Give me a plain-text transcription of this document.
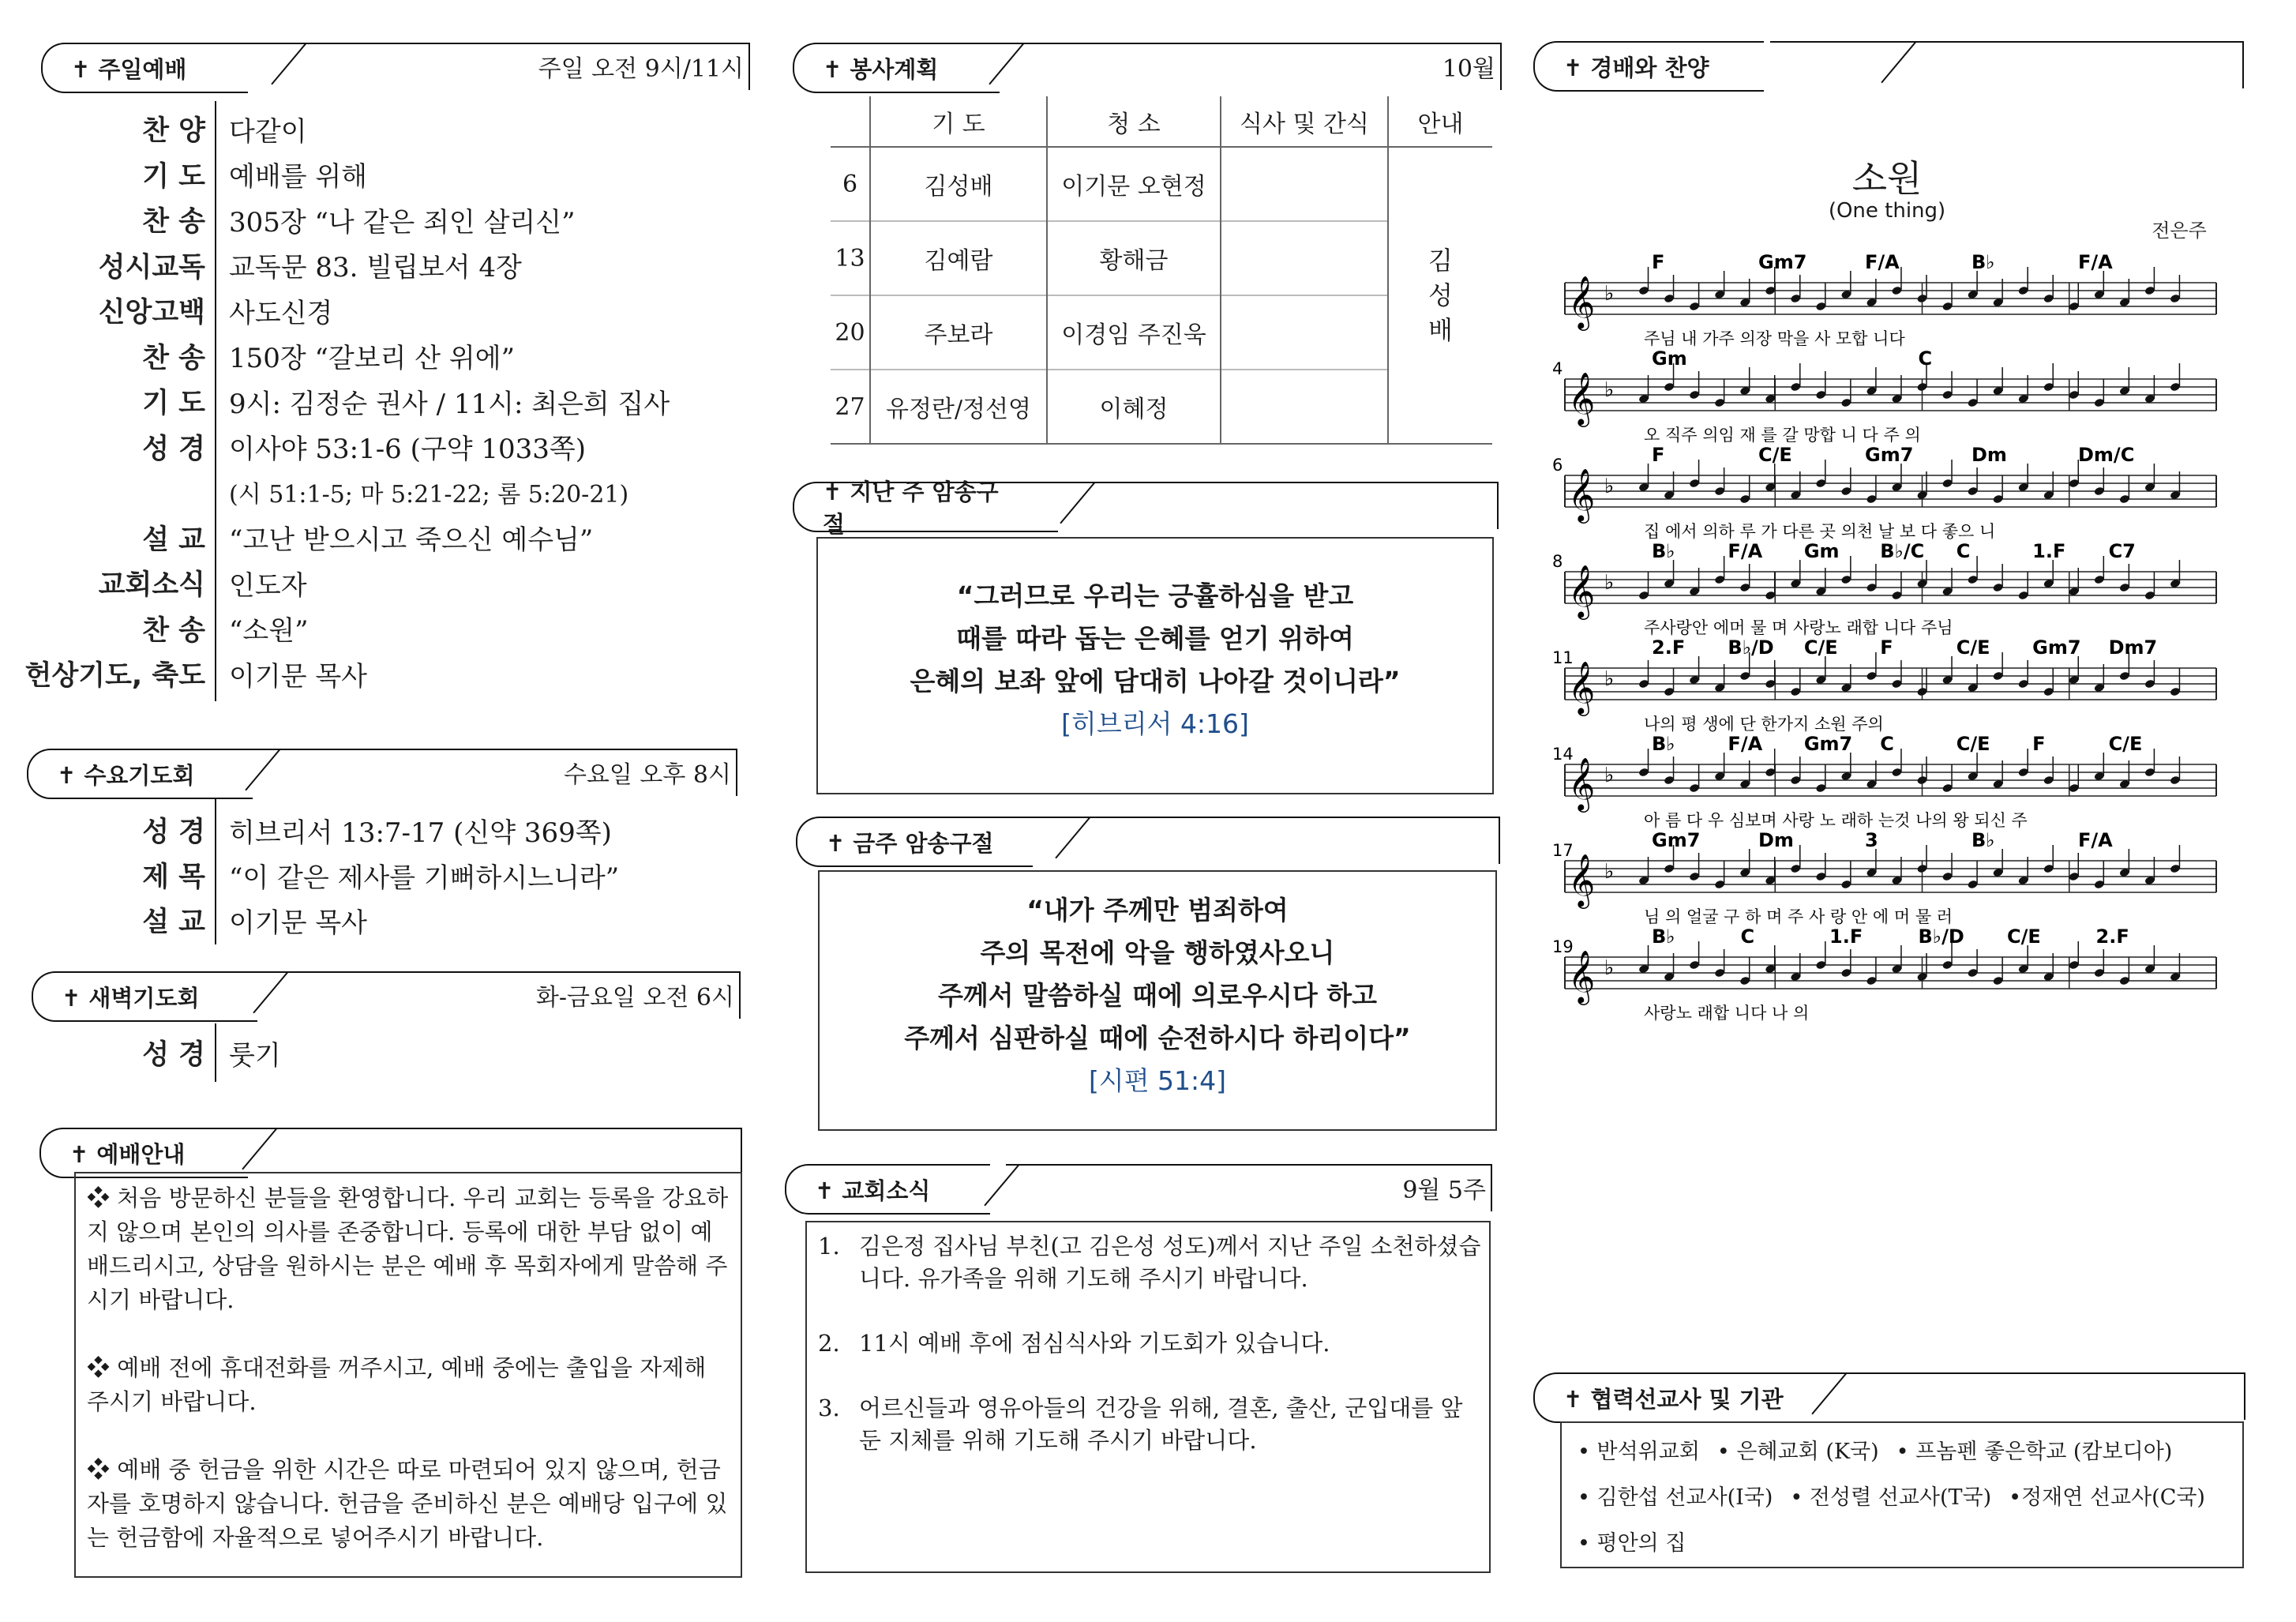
✝ 주일예배	주일 오전 9시/11시
찬 양 다같이
기 도 예배를 위해
찬 송 305장 “나 같은 죄인 살리신”
성시교독 교독문 83. 빌립보서 4장
신앙고백 사도신경
찬 송 150장 “갈보리 산 위에”
기 도 9시: 김정순 권사 / 11시: 최은희 집사
성 경 이사야 53:1-6 (구약 1033쪽)
(시 51:1-5; 마 5:21-22; 롬 5:20-21)
설 교 “고난 받으시고 죽으신 예수님”
교회소식 인도자
찬 송 “소원”
헌상기도, 축도 이기문 목사
✝ 수요기도회	수요일 오후 8시
성 경 히브리서 13:7-17 (신약 369쪽)
제 목 “이 같은 제사를 기뻐하시느니라”
설 교 이기문 목사
✝ 새벽기도회	화-금요일 오전 6시
성 경 룻기
✝ 예배안내

❖ 처음 방문하신 분들을 환영합니다. 우리 교회는 등록을 강요하지 않으며 본인의 의사를 존중합니다. 등록에 대한 부담 없이 예배드리시고, 상담을 원하시는 분은 예배 후 목회자에게 말씀해 주시기 바랍니다.

❖ 예배 전에 휴대전화를 꺼주시고, 예배 중에는 출입을 자제해 주시기 바랍니다.

❖ 예배 중 헌금을 위한 시간은 따로 마련되어 있지 않으며, 헌금자를 호명하지 않습니다. 헌금을 준비하신 분은 예배당 입구에 있는 헌금함에 자율적으로 넣어주시기 바랍니다.

✝ 봉사계획	10월
	기 도	청 소	식사 및 간식	안내
6	김성배	이기문 오현정		김
성
배

13	김예람	황해금		
20	주보라	이경임 주진욱		
27	유정란/정선영	이혜정		
✝ 지난 주 암송구절
“그러므로 우리는 긍휼하심을 받고
때를 따라 돕는 은혜를 얻기 위하여
은혜의 보좌 앞에 담대히 나아갈 것이니라”
[히브리서 4:16]
✝ 금주 암송구절
“내가 주께만 범죄하여
주의 목전에 악을 행하였사오니
주께서 말씀하실 때에 의로우시다 하고
주께서 심판하실 때에 순전하시다 하리이다”
[시편 51:4]
✝ 교회소식	9월 5주
1. 김은정 집사님 부친(고 김은성 성도)께서 지난 주일 소천하셨습니다. 유가족을 위해 기도해 주시기 바랍니다.
2. 11시 예배 후에 점심식사와 기도회가 있습니다.
3. 어르신들과 영유아들의 건강을 위해, 결혼, 출산, 군입대를 앞둔 지체를 위해 기도해 주시기 바랍니다.
✝ 경배와 찬양
소원
(One thing)
전은주
𝄞 ♭
F	Gm7	F/A	B♭	F/A
주님 내 가주 의장 막을 사 모합 니다
𝄞 ♭
4	Gm	C
오 직주 의임 재 를 갈 망합 니 다 주 의
𝄞 ♭
6	F	C/E	Gm7	Dm	Dm/C
집 에서 의하 루 가 다른 곳 의천 날 보 다 좋으 니
𝄞 ♭
8	B♭	F/A Gm B♭/C C	1.F C7
주사랑안 에머 물 며 사랑노 래합 니다 주님
𝄞 ♭
11	2.F B♭/D C/E F	C/E Gm7 Dm7
나의 평 생에 단 한가지 소원 주의
𝄞 ♭
14	B♭	F/A Gm7 C	C/E F	C/E
아 름 다 우 심보며 사랑 노 래하 는것 나의 왕 되신 주
𝄞 ♭
17	Gm7	Dm	3	B♭	F/A
님 의 얼굴 구 하 며 주 사 랑 안 에 머 물 러
𝄞 ♭
19	B♭	C	1.F	B♭/D C/E	2.F
사랑노 래합 니다 나 의
✝ 협력선교사 및 기관
• 반석위교회 • 은혜교회 (K국) • 프놈펜 좋은학교 (캄보디아)
• 김한섭 선교사(I국) • 전성렬 선교사(T국) •정재연 선교사(C국)
• 평안의 집
